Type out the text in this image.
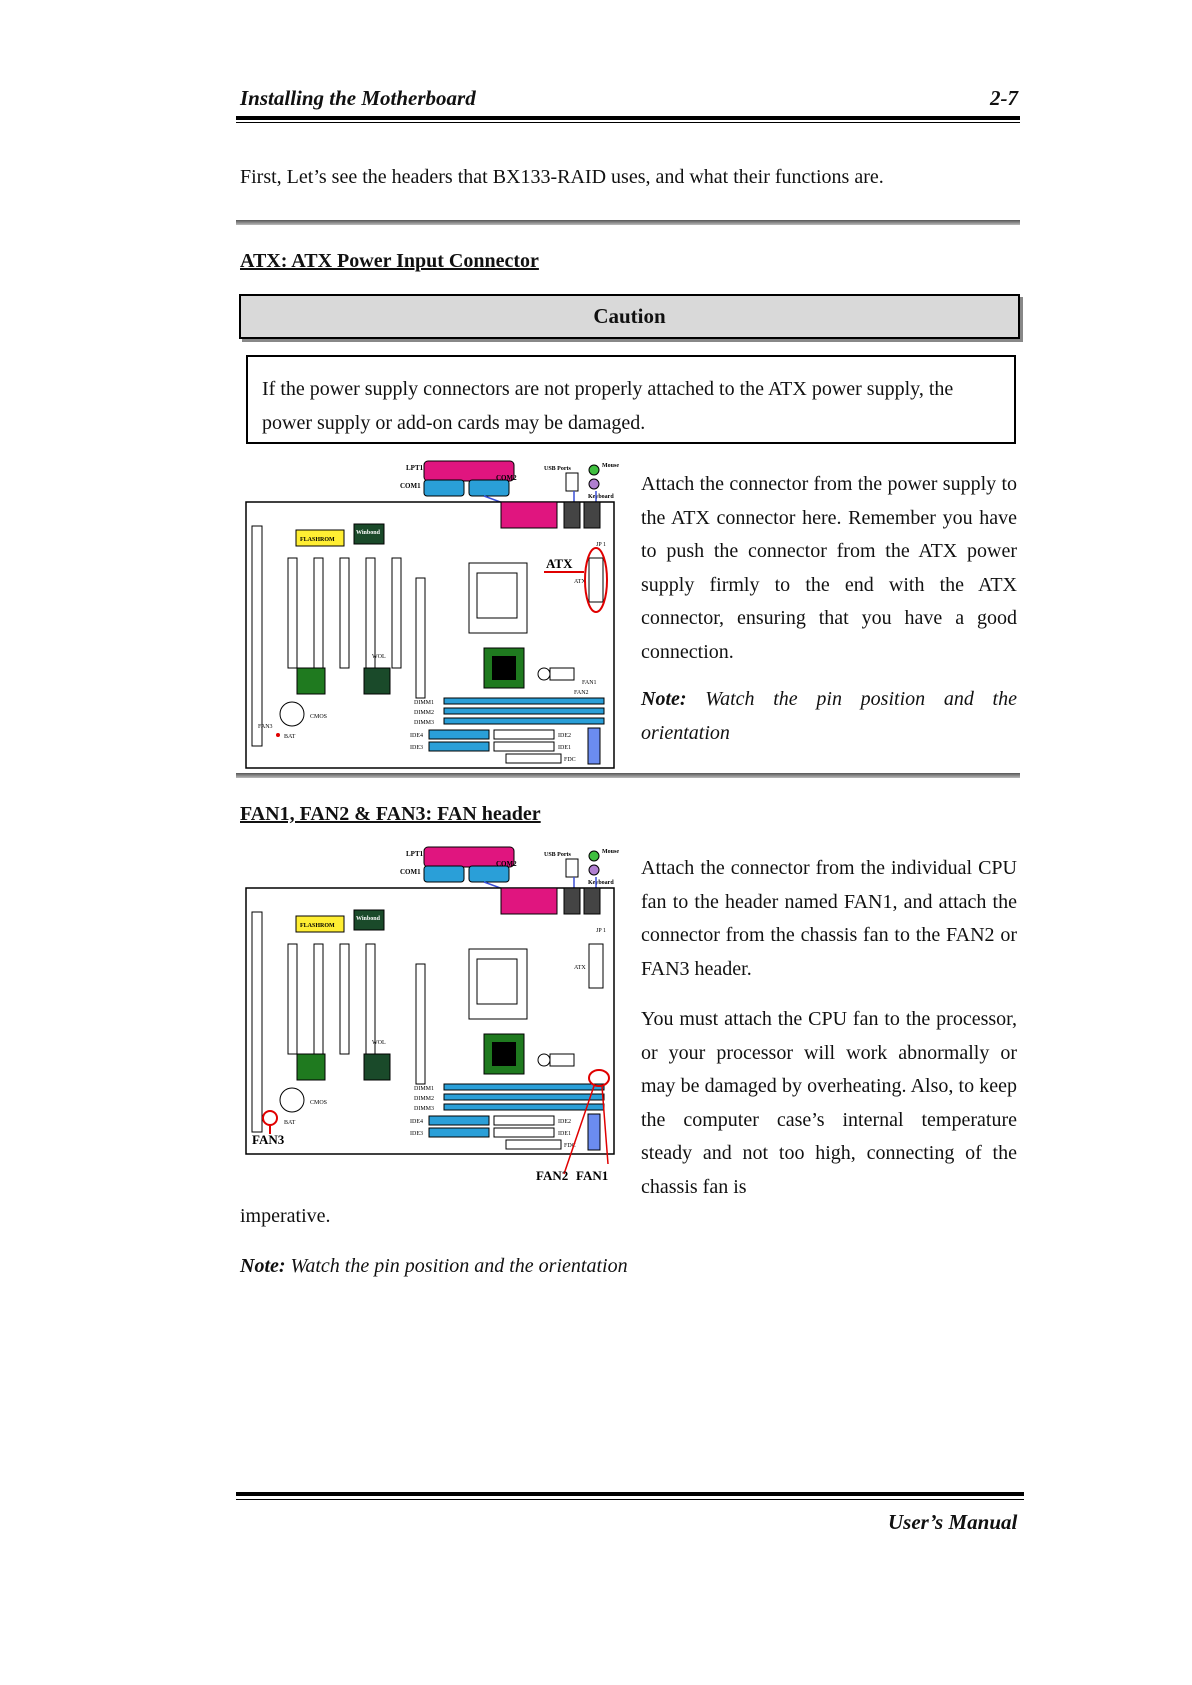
Installing the Motherboard	2-7
First, Let’s see the headers that BX133-RAID uses, and what their functions are.
ATX: ATX Power Input Connector
Caution
If the power supply connectors are not properly attached to the ATX power supply, the power supply or add-on cards may be damaged.
LPT1
COM1
COM2
USB Ports	Mouse
Keyboard
FLASHROM
Winbond
ATX
JP 1
ATX
DIMM1
DIMM2
DIMM3
IDE4
IDE3
IDE2
IDE1
FDC
BAT
CMOS
WOL
FAN3
FAN1
FAN2
Attach the connector from the power supply to the ATX connector here. Remember you have to push the connector from the ATX power supply firmly to the end with the ATX connector, ensuring that you have a good connection.
Note: Watch the pin position and the orientation
FAN1, FAN2 & FAN3: FAN header
LPT1
COM1
COM2
USB Ports	Mouse
Keyboard
FLASHROM
Winbond
ATX
JP 1
DIMM1
DIMM2
DIMM3
IDE4
IDE3
IDE2
IDE1
FDC
BAT
CMOS
WOL
FAN3
FAN2 FAN1
Attach the connector from the individual CPU fan to the header named FAN1, and attach the connector from the chassis fan to the FAN2 or FAN3 header.
You must attach the CPU fan to the processor, or your processor will work abnormally or may be damaged by overheating. Also, to keep the computer case’s internal temperature steady and not too high, connecting of the chassis fan is
imperative.
Note: Watch the pin position and the orientation
User’s Manual
